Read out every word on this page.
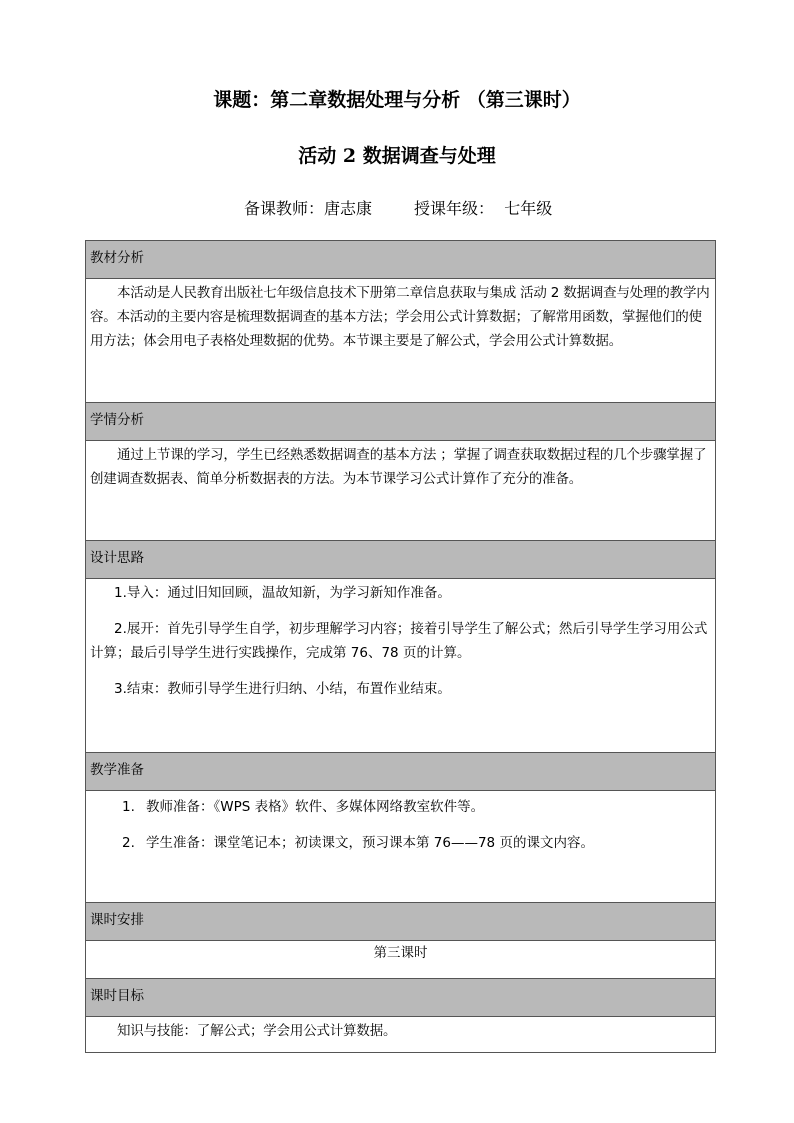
课题：第二章数据处理与分析 （第三课时）
活动 2 数据调查与处理
备课教师：唐志康	授课年级：  七年级
教材分析

本活动是人民教育出版社七年级信息技术下册第二章信息获取与集成 活动 2 数据调查与处理的教学内容。本活动的主要内容是梳理数据调查的基本方法；学会用公式计算数据；了解常用函数，掌握他们的使用方法；体会用电子表格处理数据的优势。本节课主要是了解公式，学会用公式计算数据。

学情分析

通过上节课的学习，学生已经熟悉数据调查的基本方法 ；掌握了调查获取数据过程的几个步骤掌握了创建调查数据表、简单分析数据表的方法。为本节课学习公式计算作了充分的准备。

设计思路

1.导入：通过旧知回顾，温故知新，为学习新知作准备。
2.展开：首先引导学生自学，初步理解学习内容；接着引导学生了解公式；然后引导学生学习用公式计算；最后引导学生进行实践操作，完成第 76、78 页的计算。
3.结束：教师引导学生进行归纳、小结，布置作业结束。

教学准备

1. 教师准备：《WPS 表格》软件、多媒体网络教室软件等。
2. 学生准备：课堂笔记本；初读课文，预习课本第 76——78 页的课文内容。

课时安排
第三课时
课时目标

知识与技能：了解公式；学会用公式计算数据。
